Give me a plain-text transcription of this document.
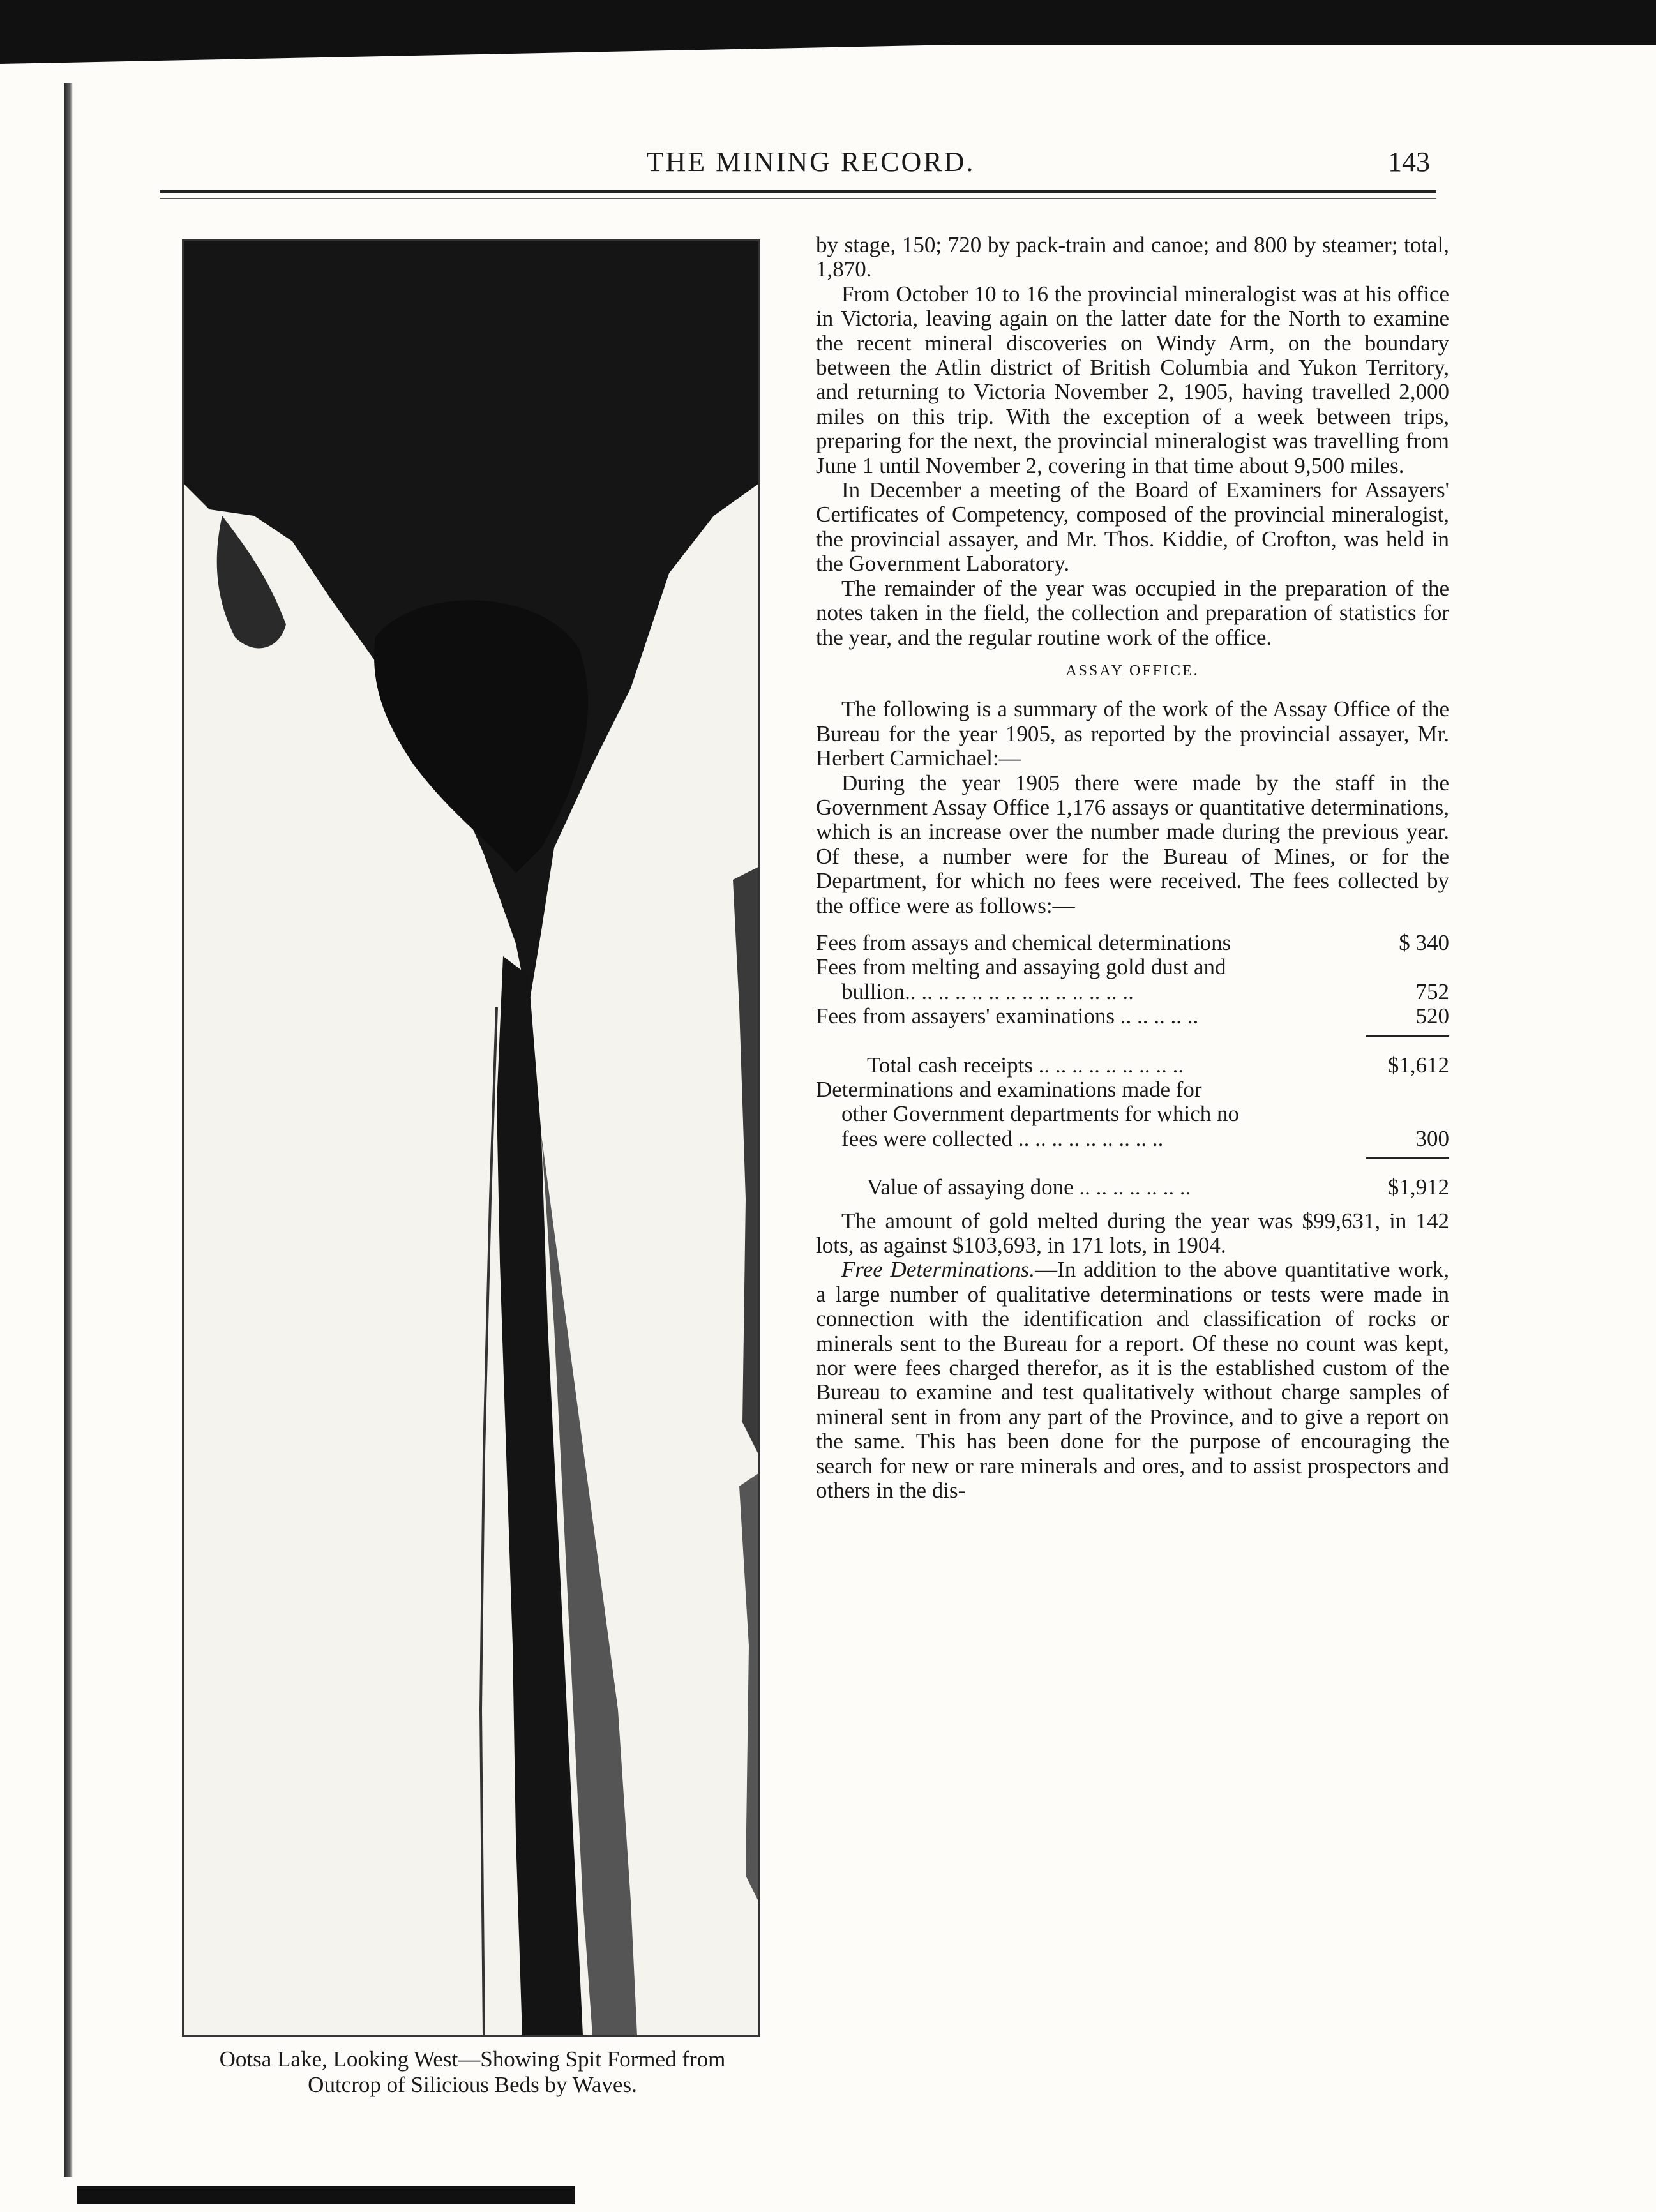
THE MINING RECORD.	143
Ootsa Lake, Looking West—Showing Spit Formed from
Outcrop of Silicious Beds by Waves.

by stage, 150; 720 by pack-train and canoe; and 800 by steamer; total, 1,870.

From October 10 to 16 the provincial mineralogist was at his office in Victoria, leaving again on the latter date for the North to examine the recent mineral discoveries on Windy Arm, on the boundary between the Atlin district of British Columbia and Yukon Territory, and returning to Victoria November 2, 1905, having travelled 2,000 miles on this trip. With the exception of a week between trips, preparing for the next, the provincial mineralogist was travelling from June 1 until November 2, covering in that time about 9,500 miles.

In December a meeting of the Board of Examiners for Assayers' Certificates of Competency, composed of the provincial mineralogist, the provincial assayer, and Mr. Thos. Kiddie, of Crofton, was held in the Government Laboratory.

The remainder of the year was occupied in the preparation of the notes taken in the field, the collection and preparation of statistics for the year, and the regular routine work of the office.

ASSAY OFFICE.

The following is a summary of the work of the Assay Office of the Bureau for the year 1905, as reported by the provincial assayer, Mr. Herbert Carmichael:—

During the year 1905 there were made by the staff in the Government Assay Office 1,176 assays or quantitative determinations, which is an increase over the number made during the previous year. Of these, a number were for the Bureau of Mines, or for the Department, for which no fees were received. The fees collected by the office were as follows:—

Fees from assays and chemical determinations	$ 340
Fees from melting and assaying gold dust and
bullion.. .. .. .. .. .. .. .. .. .. .. .. .. ..	752
Fees from assayers' examinations .. .. .. .. ..	520
Total cash receipts .. .. .. .. .. .. .. .. ..	$1,612
Determinations and examinations made for
other Government departments for which no
fees were collected .. .. .. .. .. .. .. .. ..	300
Value of assaying done .. .. .. .. .. .. ..	$1,912

The amount of gold melted during the year was $99,631, in 142 lots, as against $103,693, in 171 lots, in 1904.

Free Determinations.—In addition to the above quantitative work, a large number of qualitative determinations or tests were made in connection with the identification and classification of rocks or minerals sent to the Bureau for a report. Of these no count was kept, nor were fees charged therefor, as it is the established custom of the Bureau to examine and test qualitatively without charge samples of mineral sent in from any part of the Province, and to give a report on the same. This has been done for the purpose of encouraging the search for new or rare minerals and ores, and to assist prospectors and others in the dis-
